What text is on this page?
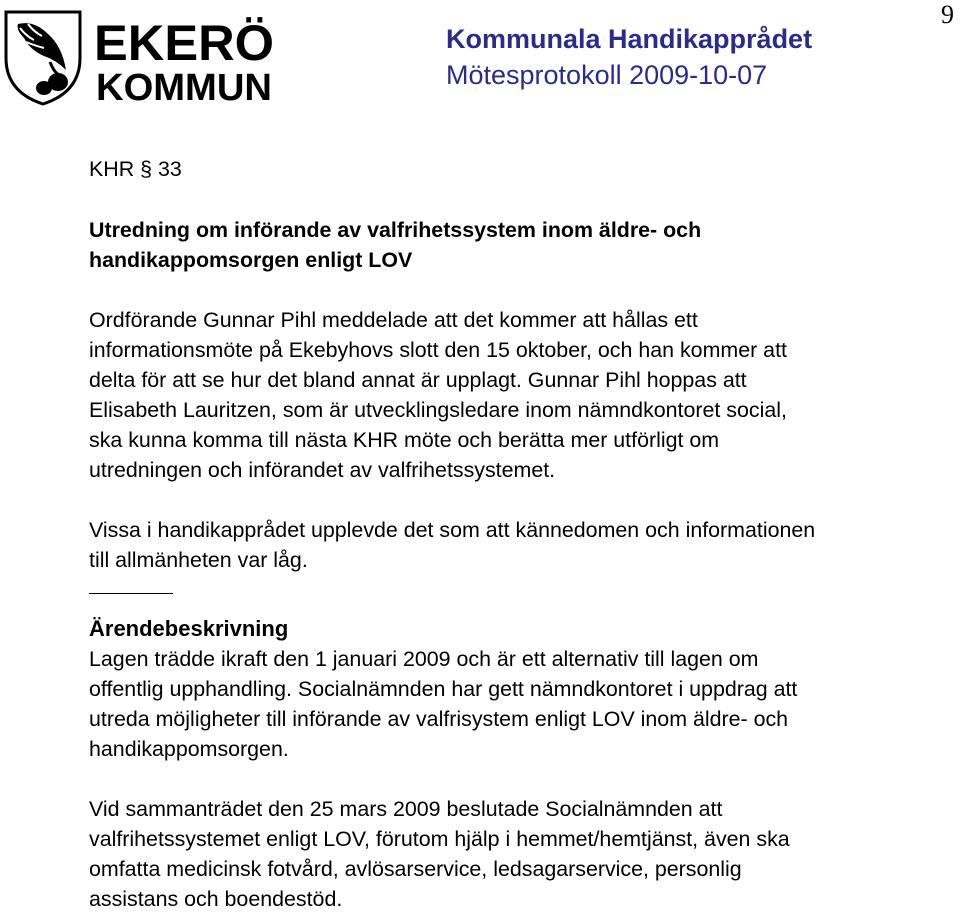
9
EKERÖ
KOMMUN
Kommunala Handikapprådet
Mötesprotokoll 2009-10-07

KHR § 33

Utredning om införande av valfrihetssystem inom äldre- och
handikappomsorgen enligt LOV
Ordförande Gunnar Pihl meddelade att det kommer att hållas ett
informationsmöte på Ekebyhovs slott den 15 oktober, och han kommer att
delta för att se hur det bland annat är upplagt. Gunnar Pihl hoppas att
Elisabeth Lauritzen, som är utvecklingsledare inom nämndkontoret social,
ska kunna komma till nästa KHR möte och berätta mer utförligt om
utredningen och införandet av valfrihetssystemet.
Vissa i handikapprådet upplevde det som att kännedomen och informationen
till allmänheten var låg.
Ärendebeskrivning
Lagen trädde ikraft den 1 januari 2009 och är ett alternativ till lagen om
offentlig upphandling. Socialnämnden har gett nämndkontoret i uppdrag att
utreda möjligheter till införande av valfrisystem enligt LOV inom äldre- och
handikappomsorgen.
Vid sammanträdet den 25 mars 2009 beslutade Socialnämnden att
valfrihetssystemet enligt LOV, förutom hjälp i hemmet/hemtjänst, även ska
omfatta medicinsk fotvård, avlösarservice, ledsagarservice, personlig
assistans och boendestöd.
